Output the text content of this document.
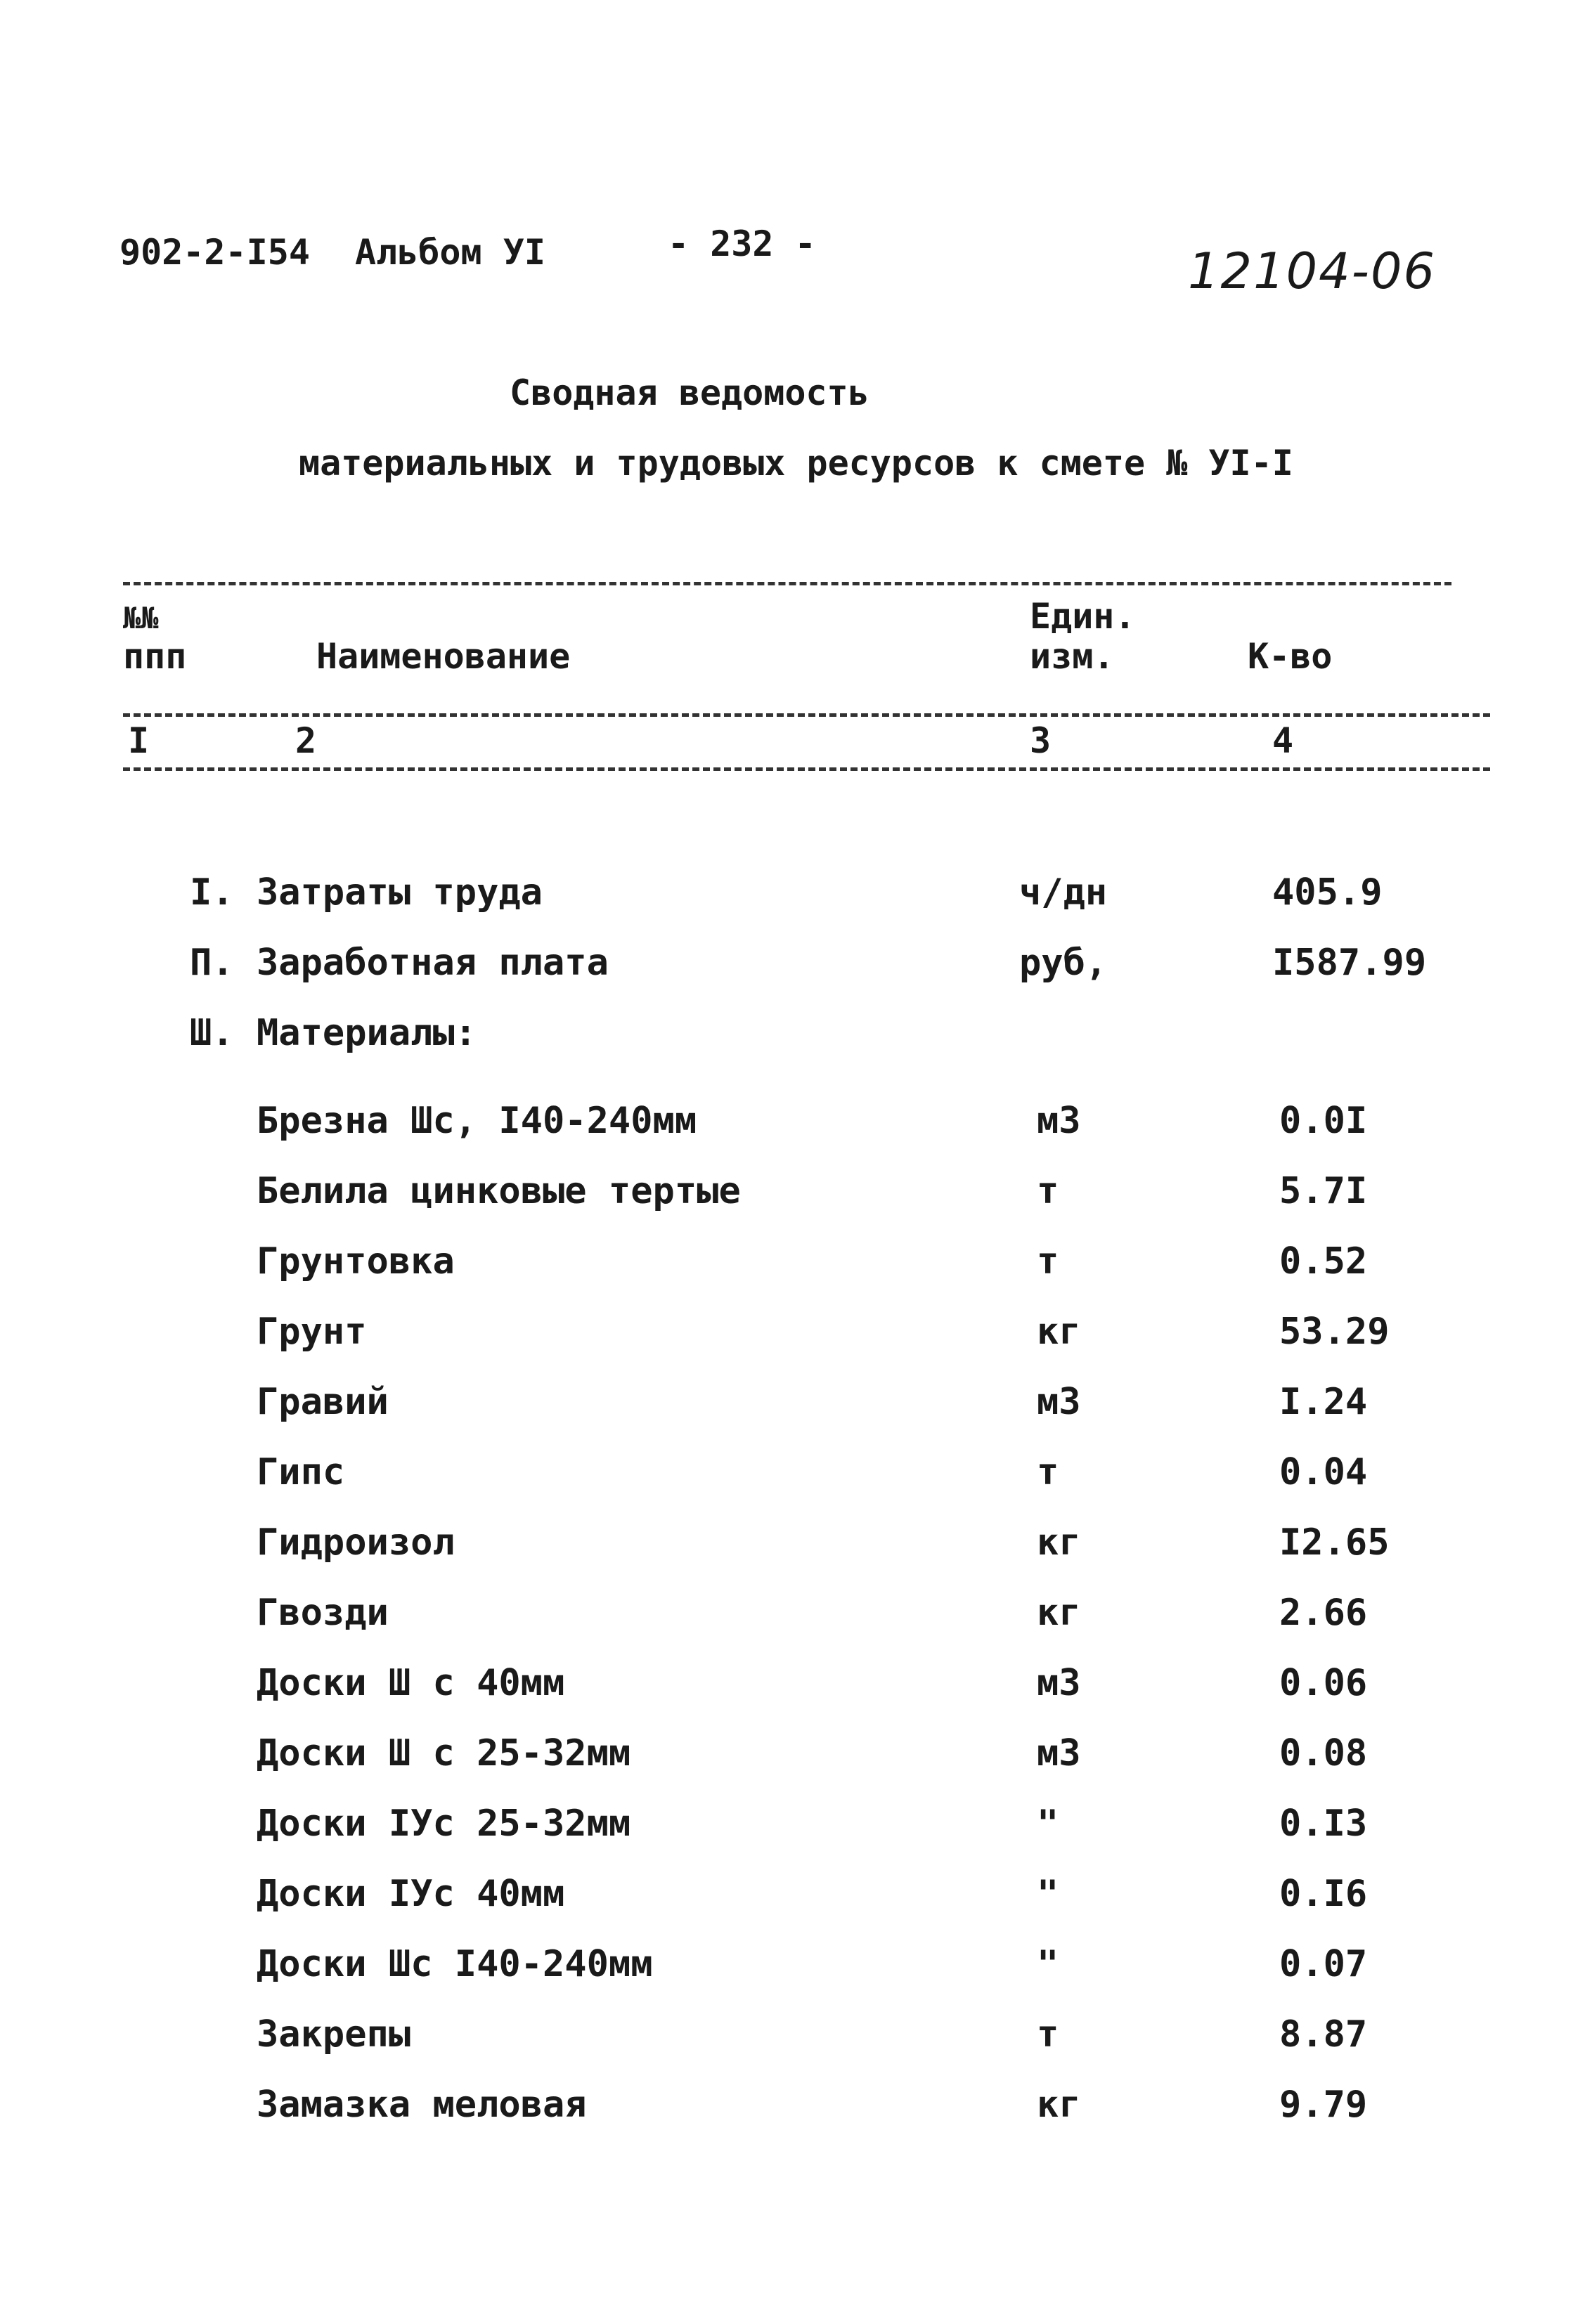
902-2-I54 Альбом УI	- 232 -	12104-06
Сводная ведомость
материальных и трудовых ресурсов к смете № УI-I
№№
ппп	Наименование
Един.
изм.	К-во
I	2	3	4
I. Затраты труда	ч/дн	405.9
П. Заработная плата	руб,	I587.99
Ш. Материалы:
Брезна Шс, I40-240мм	м3	0.0I
Белила цинковые тертые	т	5.7I
Грунтовка	т	0.52
Грунт	кг	53.29
Гравий	м3	I.24
Гипс	т	0.04
Гидроизол	кг	I2.65
Гвозди	кг	2.66
Доски Ш с 40мм	м3	0.06
Доски Ш с 25-32мм	м3	0.08
Доски IУс 25-32мм	"	0.I3
Доски IУс 40мм	"	0.I6
Доски Шс I40-240мм	"	0.07
Закрепы	т	8.87
Замазка меловая	кг	9.79
